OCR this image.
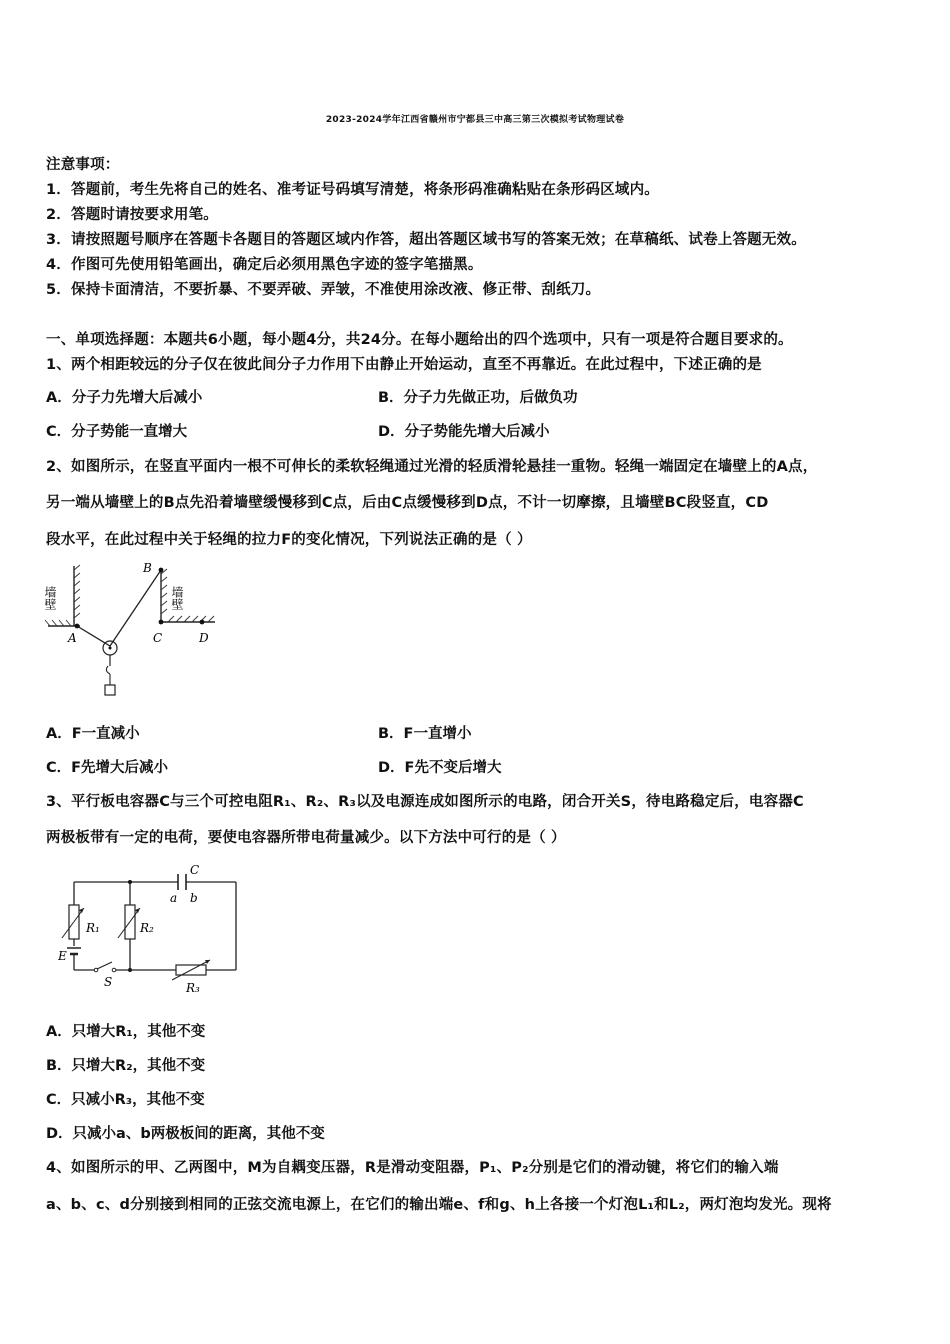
2023-2024学年江西省赣州市宁都县三中高三第三次模拟考试物理试卷
注意事项：
1．答题前，考生先将自己的姓名、准考证号码填写清楚，将条形码准确粘贴在条形码区域内。
2．答题时请按要求用笔。
3．请按照题号顺序在答题卡各题目的答题区域内作答，超出答题区域书写的答案无效；在草稿纸、试卷上答题无效。
4．作图可先使用铅笔画出，确定后必须用黑色字迹的签字笔描黑。
5．保持卡面清洁，不要折暴、不要弄破、弄皱，不准使用涂改液、修正带、刮纸刀。
一、单项选择题：本题共6小题，每小题4分，共24分。在每小题给出的四个选项中，只有一项是符合题目要求的。
1、两个相距较远的分子仅在彼此间分子力作用下由静止开始运动，直至不再靠近。在此过程中，下述正确的是
A．分子力先增大后减小	B．分子力先做正功，后做负功
C．分子势能一直增大	D．分子势能先增大后减小
2、如图所示，在竖直平面内一根不可伸长的柔软轻绳通过光滑的轻质滑轮悬挂一重物。轻绳一端固定在墙壁上的A点，
另一端从墙壁上的B点先沿着墙壁缓慢移到C点，后由C点缓慢移到D点，不计一切摩擦，且墙壁BC段竖直，CD
段水平，在此过程中关于轻绳的拉力F的变化情况，下列说法正确的是（ ）
墙壁	墙壁
A
B
C	D
A．F一直减小	B．F一直增小
C．F先增大后减小	D．F先不变后增大
3、平行板电容器C与三个可控电阻R₁、R₂、R₃以及电源连成如图所示的电路，闭合开关S，待电路稳定后，电容器C
两极板带有一定的电荷，要使电容器所带电荷量减少。以下方法中可行的是（ ）
C
a b
R₁	R₂
E
S	R₃
A．只增大R₁，其他不变
B．只增大R₂，其他不变
C．只减小R₃，其他不变
D．只减小a、b两极板间的距离，其他不变
4、如图所示的甲、乙两图中，M为自耦变压器，R是滑动变阻器，P₁、P₂分别是它们的滑动键，将它们的输入端
a、b、c、d分别接到相同的正弦交流电源上，在它们的输出端e、f和g、h上各接一个灯泡L₁和L₂，两灯泡均发光。现将
